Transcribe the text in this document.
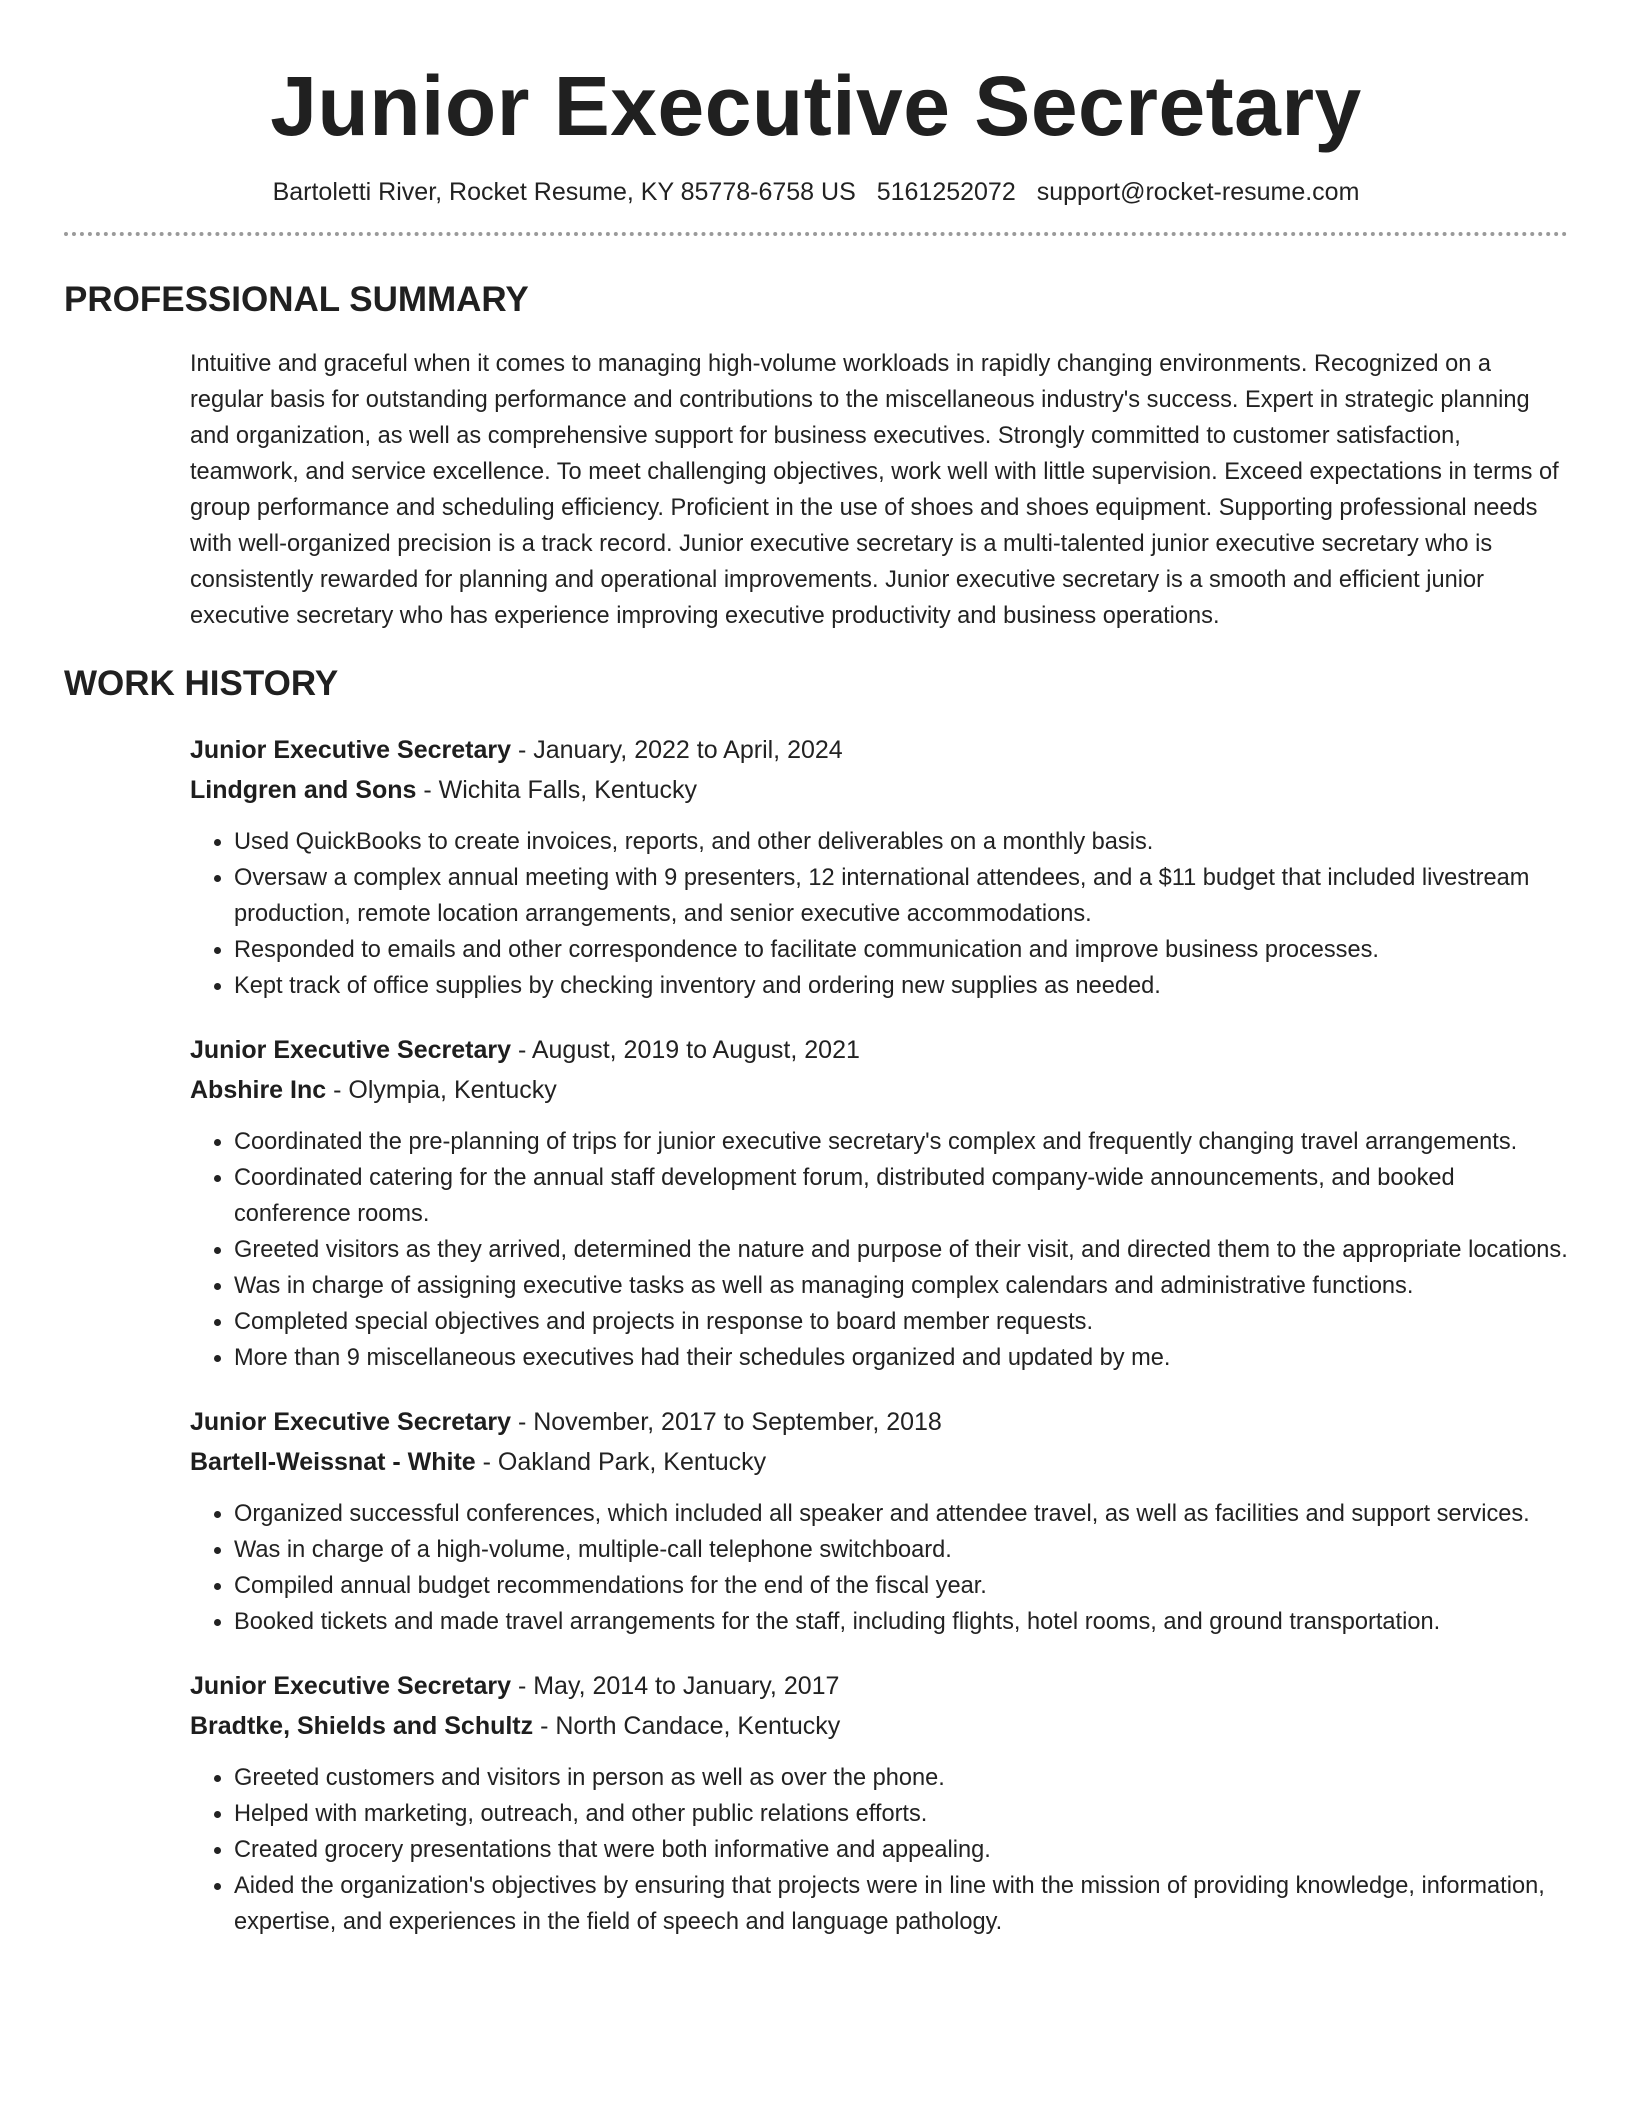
Junior Executive Secretary
Bartoletti River, Rocket Resume, KY 85778-6758 US 5161252072 support@rocket-resume.com
PROFESSIONAL SUMMARY

Intuitive and graceful when it comes to managing high-volume workloads in rapidly changing environments. Recognized on a regular basis for outstanding performance and contributions to the miscellaneous industry's success. Expert in strategic planning and organization, as well as comprehensive support for business executives. Strongly committed to customer satisfaction, teamwork, and service excellence. To meet challenging objectives, work well with little supervision. Exceed expectations in terms of group performance and scheduling efficiency. Proficient in the use of shoes and shoes equipment. Supporting professional needs with well-organized precision is a track record. Junior executive secretary is a multi-talented junior executive secretary who is consistently rewarded for planning and operational improvements. Junior executive secretary is a smooth and efficient junior executive secretary who has experience improving executive productivity and business operations.

WORK HISTORY
Junior Executive Secretary - January, 2022 to April, 2024
Lindgren and Sons - Wichita Falls, Kentucky
• Used QuickBooks to create invoices, reports, and other deliverables on a monthly basis.
• Oversaw a complex annual meeting with 9 presenters, 12 international attendees, and a $11 budget that included livestream production, remote location arrangements, and senior executive accommodations.
• Responded to emails and other correspondence to facilitate communication and improve business processes.
• Kept track of office supplies by checking inventory and ordering new supplies as needed.
Junior Executive Secretary - August, 2019 to August, 2021
Abshire Inc - Olympia, Kentucky
• Coordinated the pre-planning of trips for junior executive secretary's complex and frequently changing travel arrangements.
• Coordinated catering for the annual staff development forum, distributed company-wide announcements, and booked conference rooms.
• Greeted visitors as they arrived, determined the nature and purpose of their visit, and directed them to the appropriate locations.
• Was in charge of assigning executive tasks as well as managing complex calendars and administrative functions.
• Completed special objectives and projects in response to board member requests.
• More than 9 miscellaneous executives had their schedules organized and updated by me.
Junior Executive Secretary - November, 2017 to September, 2018
Bartell-Weissnat - White - Oakland Park, Kentucky
• Organized successful conferences, which included all speaker and attendee travel, as well as facilities and support services.
• Was in charge of a high-volume, multiple-call telephone switchboard.
• Compiled annual budget recommendations for the end of the fiscal year.
• Booked tickets and made travel arrangements for the staff, including flights, hotel rooms, and ground transportation.
Junior Executive Secretary - May, 2014 to January, 2017
Bradtke, Shields and Schultz - North Candace, Kentucky
• Greeted customers and visitors in person as well as over the phone.
• Helped with marketing, outreach, and other public relations efforts.
• Created grocery presentations that were both informative and appealing.
• Aided the organization's objectives by ensuring that projects were in line with the mission of providing knowledge, information, expertise, and experiences in the field of speech and language pathology.
